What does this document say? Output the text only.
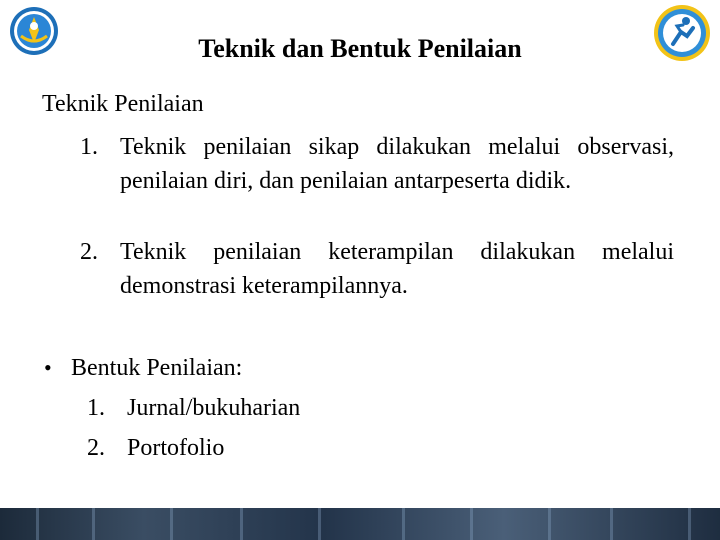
Teknik dan Bentuk Penilaian
Teknik Penilaian
1. Teknik penilaian sikap dilakukan melalui observasi, penilaian diri, dan penilaian antarpeserta didik.
2. Teknik penilaian keterampilan dilakukan melalui demonstrasi keterampilannya.
• Bentuk Penilaian:
1. Jurnal/bukuharian
2. Portofolio
